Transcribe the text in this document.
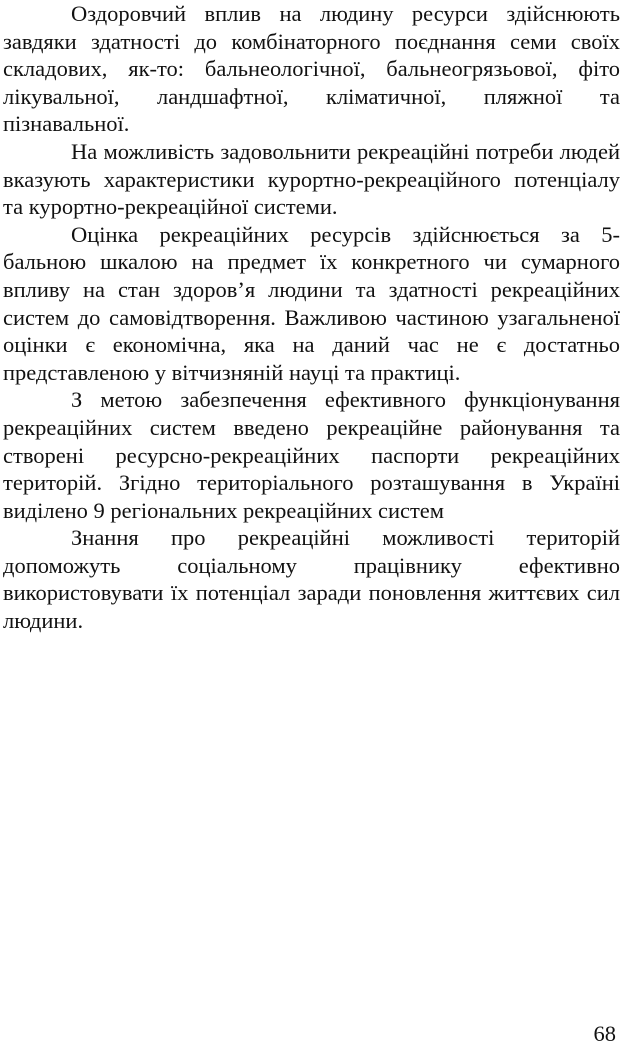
Оздоровчий вплив на людину ресурси здійснюють завдяки здатності до комбінаторного поєднання семи своїх складових, як-то: бальнеологічної, бальнеогрязьової, фіто лікувальної, ландшафтної, кліматичної, пляжної та пізнавальної.

На можливість задовольнити рекреаційні потреби людей вказують характеристики курортно-рекреаційного потенціалу та курортно-рекреаційної системи.

Оцінка рекреаційних ресурсів здійснюється за 5-бальною шкалою на предмет їх конкретного чи сумарного впливу на стан здоров’я людини та здатності рекреаційних систем до самовідтворення. Важливою частиною узагальненої оцінки є економічна, яка на даний час не є достатньо представленою у вітчизняній науці та практиці.

З метою забезпечення ефективного функціонування рекреаційних систем введено рекреаційне районування та створені ресурсно-рекреаційних паспорти рекреаційних територій. Згідно територіального розташування в Україні виділено 9 регіональних рекреаційних систем

Знання про рекреаційні можливості територій допоможуть соціальному працівнику ефективно використовувати їх потенціал заради поновлення життєвих сил людини.

68
